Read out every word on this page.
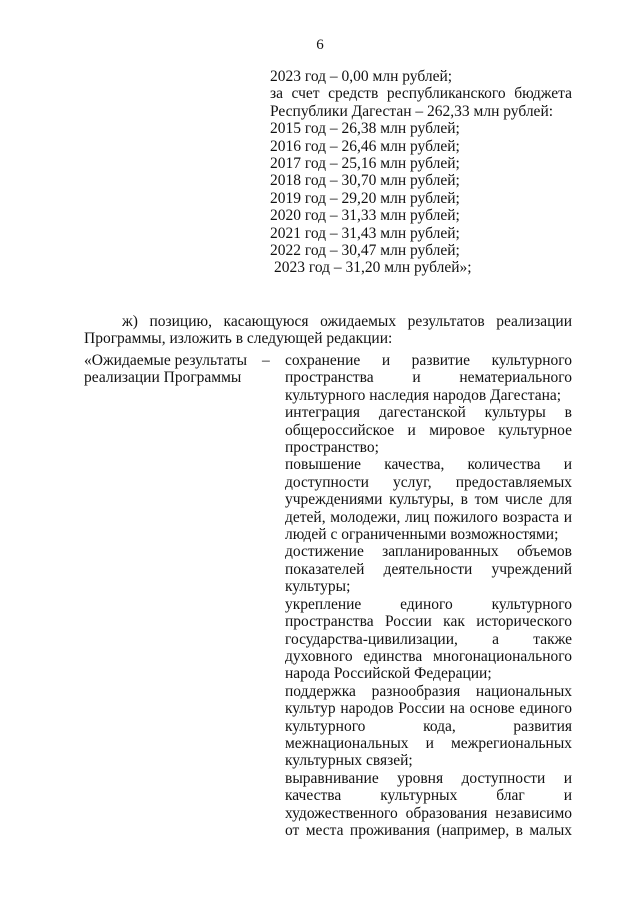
6
2023 год – 0,00 млн рублей;
за счет средств республиканского бюджета
Республики Дагестан – 262,33 млн рублей:
2015 год – 26,38 млн рублей;
2016 год – 26,46 млн рублей;
2017 год – 25,16 млн рублей;
2018 год – 30,70 млн рублей;
2019 год – 29,20 млн рублей;
2020 год – 31,33 млн рублей;
2021 год – 31,43 млн рублей;
2022 год – 30,47 млн рублей;
2023 год – 31,20 млн рублей»;
ж) позицию, касающуюся ожидаемых результатов реализации
Программы, изложить в следующей редакции:
«Ожидаемые результаты
реализации Программы
– сохранение и развитие культурного
пространства и нематериального
культурного наследия народов Дагестана;
интеграция дагестанской культуры в
общероссийское и мировое культурное
пространство;
повышение качества, количества и
доступности услуг, предоставляемых
учреждениями культуры, в том числе для
детей, молодежи, лиц пожилого возраста и
людей с ограниченными возможностями;
достижение запланированных объемов
показателей деятельности учреждений
культуры;
укрепление единого культурного
пространства России как исторического
государства-цивилизации, а также
духовного единства многонационального
народа Российской Федерации;
поддержка разнообразия национальных
культур народов России на основе единого
культурного кода, развития
межнациональных и межрегиональных
культурных связей;
выравнивание уровня доступности и
качества культурных благ и
художественного образования независимо
от места проживания (например, в малых
